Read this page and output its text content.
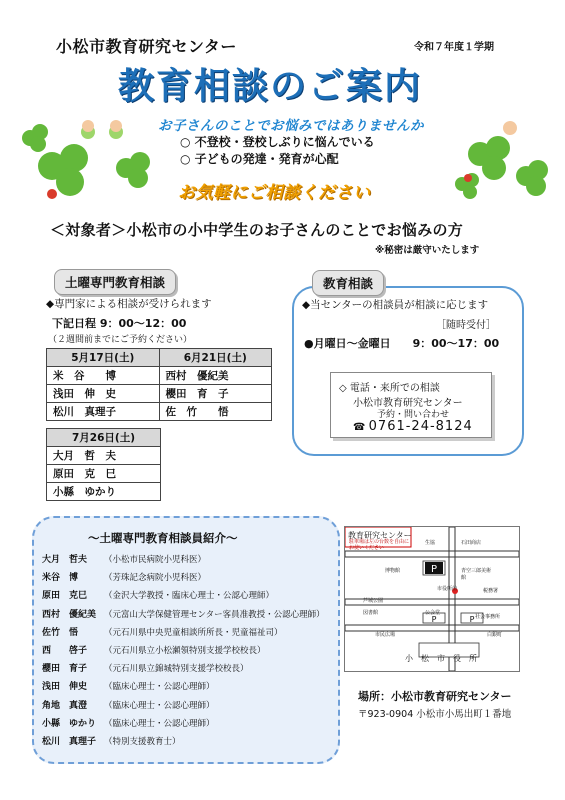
小松市教育研究センター	令和７年度１学期
教育相談のご案内
お子さんのことでお悩みではありませんか
○ 不登校・登校しぶりに悩んでいる
○ 子どもの発達・発育が心配
お気軽にご相談ください
＜対象者＞小松市の小中学生のお子さんのことでお悩みの方
※秘密は厳守いたします
土曜専門教育相談
◆専門家による相談が受けられます
下記日程 9：00～12：00
（２週間前までにご予約ください）
5月17日(土)	6月21日(土)
米　谷　　博	西村　優紀美
浅田　伸　史	櫻田　育　子
松川　真理子	佐　竹　　悟
7月26日(土)
大月　哲　夫
原田　克　巳
小縣　ゆかり
教育相談
◆当センターの相談員が相談に応じます
［随時受付］
●月曜日～金曜日　　9：00～17：00
◇ 電話・来所での相談
小松市教育研究センター
予約・問い合わせ
☎ 0761-24-8124
～土曜専門教育相談員紹介～
大月　哲夫 （小松市民病院小児科医）
米谷　博	（芳珠記念病院小児科医）
原田　克巳 （金沢大学教授・臨床心理士・公認心理師）
西村　優紀美 （元富山大学保健管理センター客員准教授・公認心理師）
佐竹　悟	（元石川県中央児童相談所所長・児童福祉司）
西　　啓子 （元石川県立小松瀬領特別支援学校校長）
櫻田　育子 （元石川県立錦城特別支援学校校長）
浅田　伸史 （臨床心理士・公認心理師）
角地　真澄 （臨床心理士・公認心理師）
小縣　ゆかり （臨床心理士・公認心理師）
松川　真理子 （特別支援教育士）
P
P	P
教育研究センター
駐車場は左の台数を自由にお使いください
小　松　市　役　所
生協
博物館
図書館	公会堂
芦城公園
市民広場	白銀町
社会事務所
税務署
市役所前
青空三郎美術館
石田商店
場所：小松市教育研究センター
〒923-0904 小松市小馬出町１番地
